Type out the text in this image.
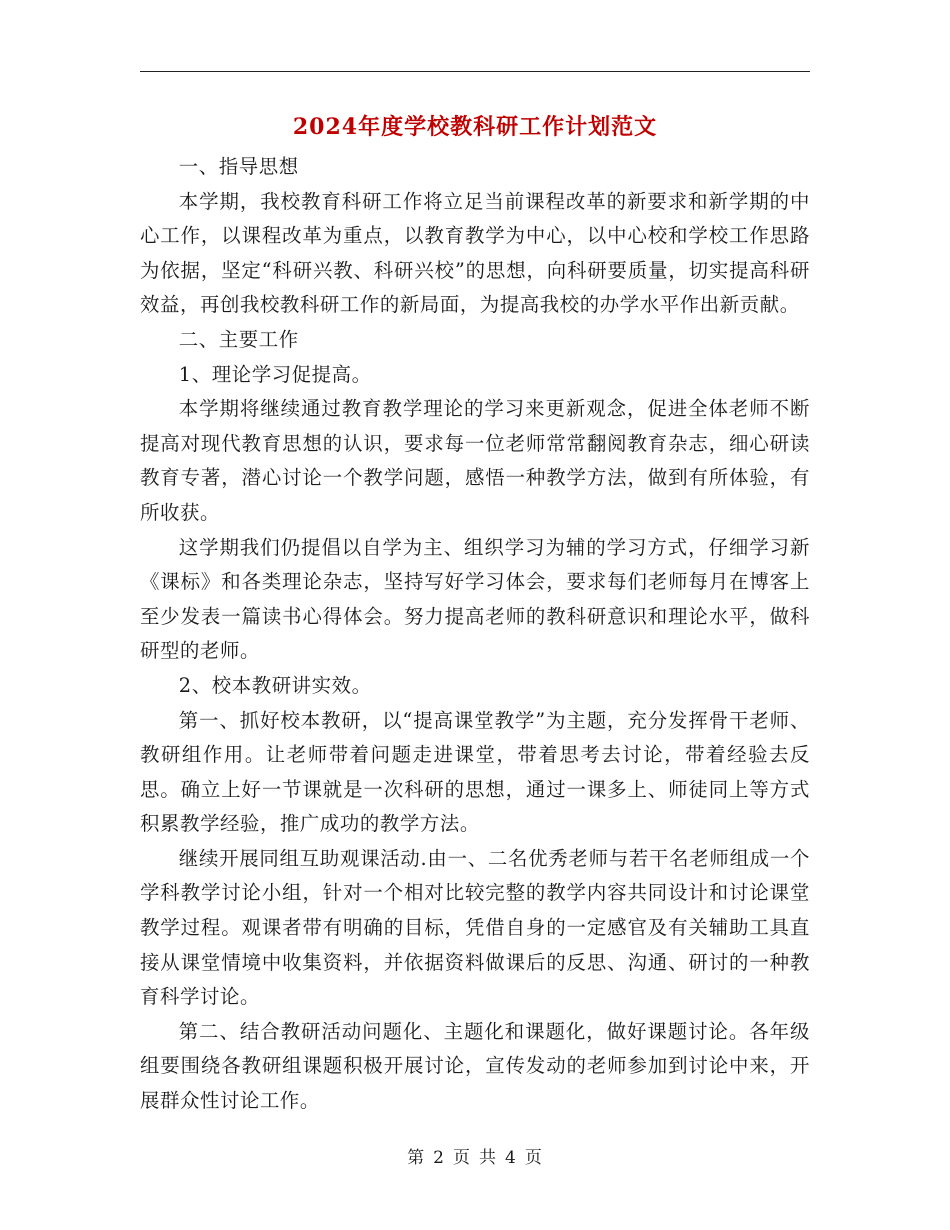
2024年度学校教科研工作计划范文

一、指导思想

本学期，我校教育科研工作将立足当前课程改革的新要求和新学期的中心工作，以课程改革为重点，以教育教学为中心，以中心校和学校工作思路为依据，坚定“科研兴教、科研兴校”的思想，向科研要质量，切实提高科研效益，再创我校教科研工作的新局面，为提高我校的办学水平作出新贡献。

二、主要工作

1、理论学习促提高。

本学期将继续通过教育教学理论的学习来更新观念，促进全体老师不断提高对现代教育思想的认识，要求每一位老师常常翻阅教育杂志，细心研读教育专著，潜心讨论一个教学问题，感悟一种教学方法，做到有所体验，有所收获。

这学期我们仍提倡以自学为主、组织学习为辅的学习方式，仔细学习新《课标》和各类理论杂志，坚持写好学习体会，要求每们老师每月在博客上至少发表一篇读书心得体会。努力提高老师的教科研意识和理论水平，做科研型的老师。

2、校本教研讲实效。

第一、抓好校本教研，以“提高课堂教学”为主题，充分发挥骨干老师、教研组作用。让老师带着问题走进课堂，带着思考去讨论，带着经验去反思。确立上好一节课就是一次科研的思想，通过一课多上、师徒同上等方式积累教学经验，推广成功的教学方法。

继续开展同组互助观课活动.由一、二名优秀老师与若干名老师组成一个学科教学讨论小组，针对一个相对比较完整的教学内容共同设计和讨论课堂教学过程。观课者带有明确的目标，凭借自身的一定感官及有关辅助工具直接从课堂情境中收集资料，并依据资料做课后的反思、沟通、研讨的一种教育科学讨论。

第二、结合教研活动问题化、主题化和课题化，做好课题讨论。各年级组要围绕各教研组课题积极开展讨论，宣传发动的老师参加到讨论中来，开展群众性讨论工作。

第 2 页 共 4 页
